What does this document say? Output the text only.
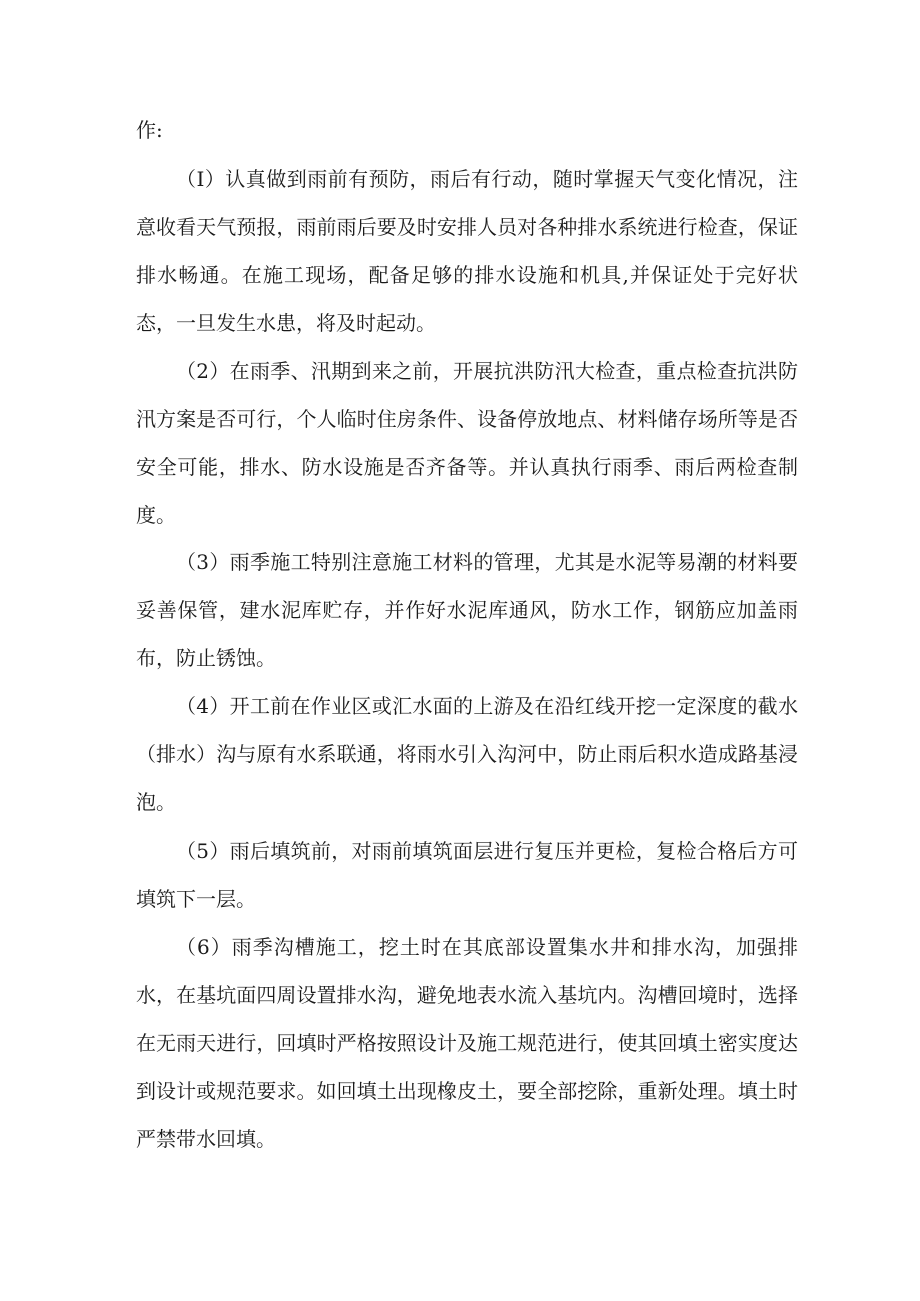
作:
（I）认真做到雨前有预防，雨后有行动，随时掌握天气变化情况，注意收看天气预报，雨前雨后要及时安排人员对各种排水系统进行检查，保证排水畅通。在施工现场，配备足够的排水设施和机具,并保证处于完好状态，一旦发生水患，将及时起动。
（2）在雨季、汛期到来之前，开展抗洪防汛大检查，重点检查抗洪防汛方案是否可行，个人临时住房条件、设备停放地点、材料储存场所等是否安全可能，排水、防水设施是否齐备等。并认真执行雨季、雨后两检查制度。
（3）雨季施工特别注意施工材料的管理，尤其是水泥等易潮的材料要妥善保管，建水泥库贮存，并作好水泥库通风，防水工作，钢筋应加盖雨布，防止锈蚀。
（4）开工前在作业区或汇水面的上游及在沿红线开挖一定深度的截水（排水）沟与原有水系联通，将雨水引入沟河中，防止雨后积水造成路基浸泡。
（5）雨后填筑前，对雨前填筑面层进行复压并更检，复检合格后方可填筑下一层。
（6）雨季沟槽施工，挖土时在其底部设置集水井和排水沟，加强排水，在基坑面四周设置排水沟，避免地表水流入基坑内。沟槽回境时，选择在无雨天进行，回填时严格按照设计及施工规范进行，使其回填土密实度达到设计或规范要求。如回填土出现橡皮土，要全部挖除，重新处理。填土时严禁带水回填。
